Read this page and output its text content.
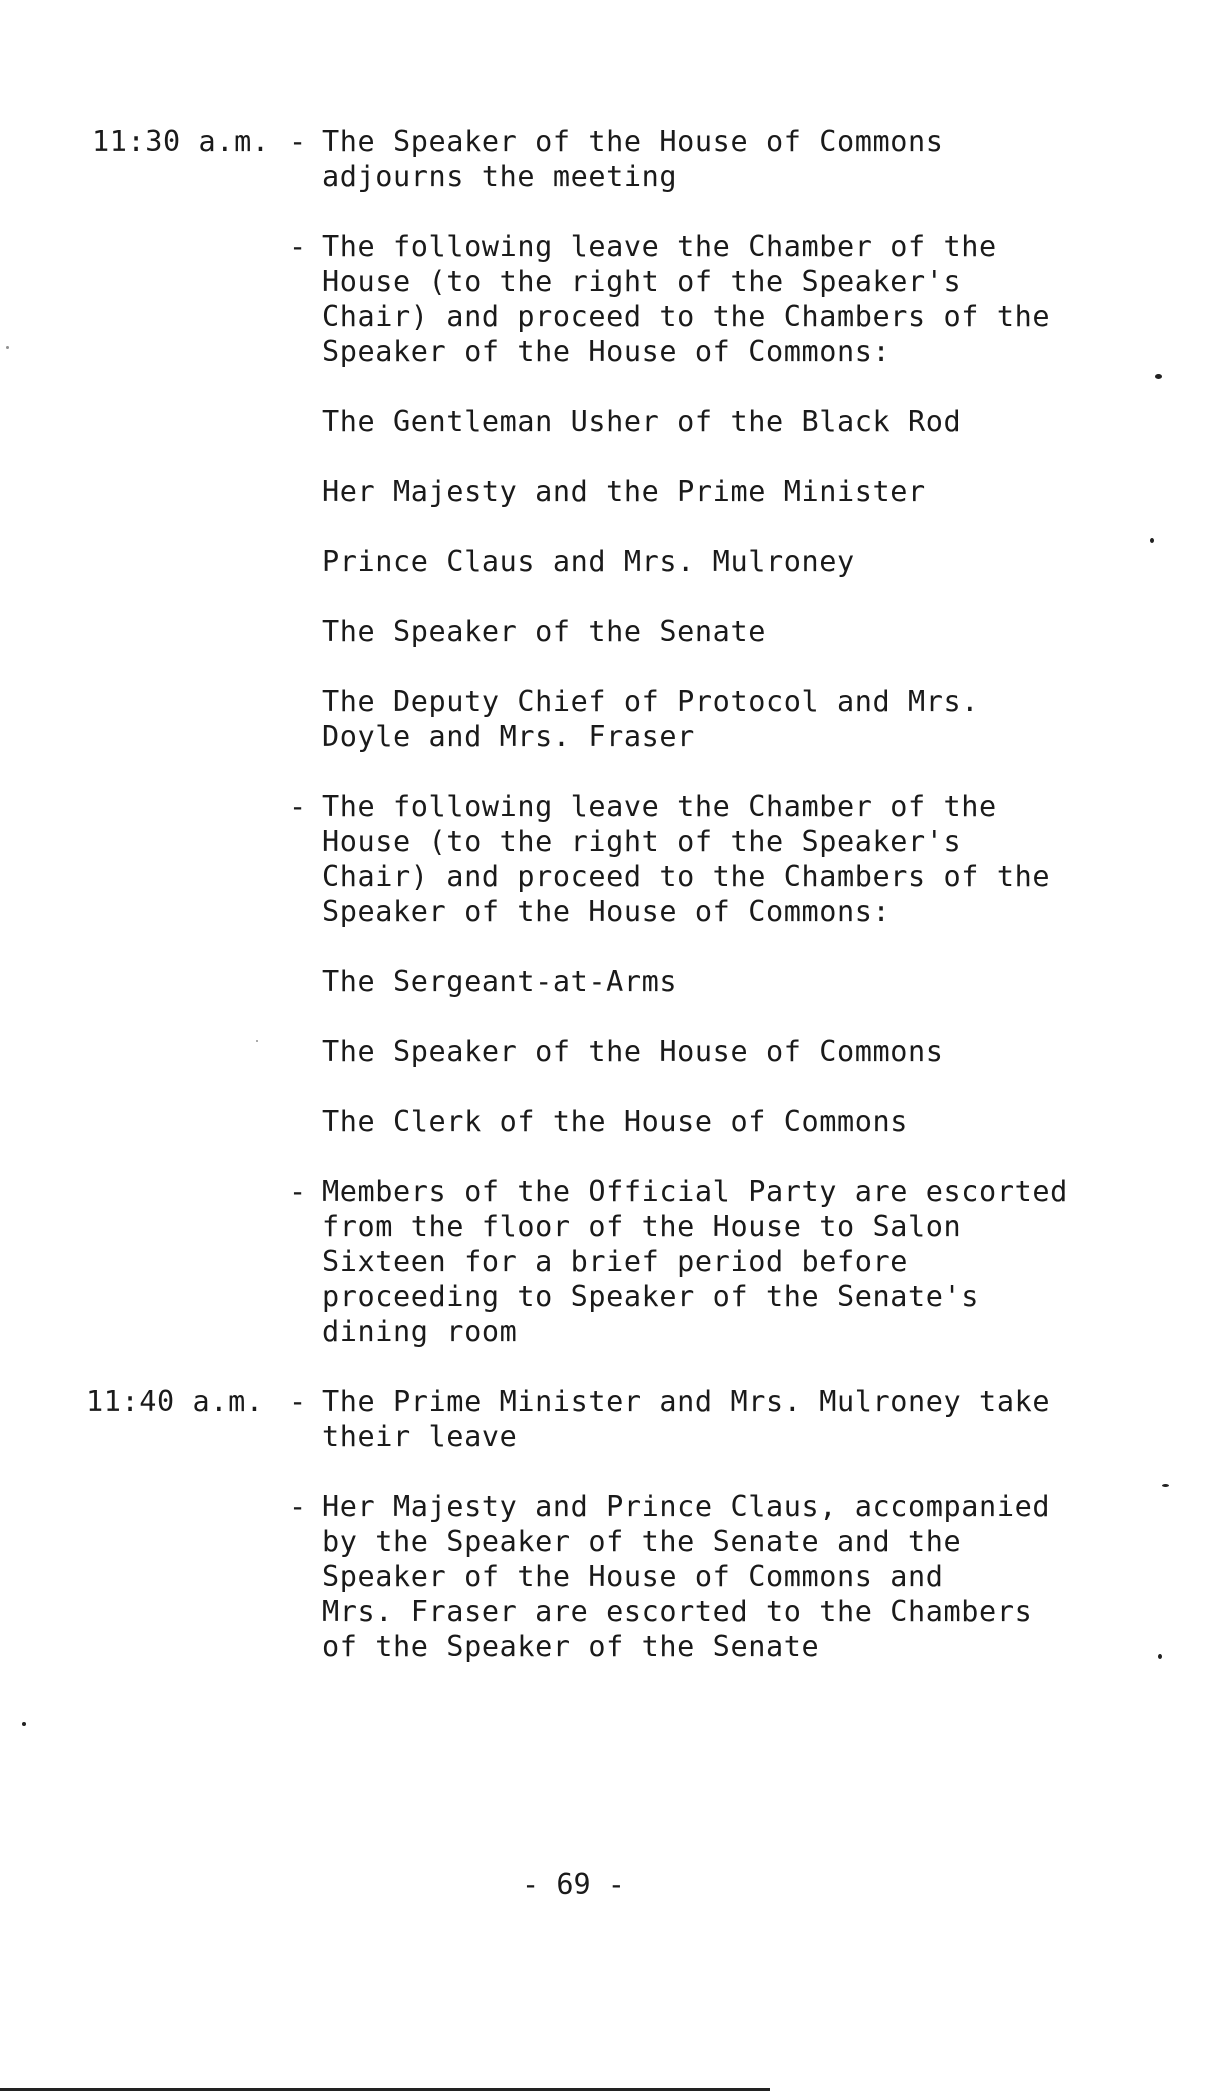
11:30 a.m. - The Speaker of the House of Commons
adjourns the meeting
- The following leave the Chamber of the
House (to the right of the Speaker's
Chair) and proceed to the Chambers of the
Speaker of the House of Commons:
The Gentleman Usher of the Black Rod
Her Majesty and the Prime Minister
Prince Claus and Mrs. Mulroney
The Speaker of the Senate
The Deputy Chief of Protocol and Mrs.
Doyle and Mrs. Fraser
- The following leave the Chamber of the
House (to the right of the Speaker's
Chair) and proceed to the Chambers of the
Speaker of the House of Commons:
The Sergeant-at-Arms
The Speaker of the House of Commons
The Clerk of the House of Commons
- Members of the Official Party are escorted
from the floor of the House to Salon
Sixteen for a brief period before
proceeding to Speaker of the Senate's
dining room
11:40 a.m. - The Prime Minister and Mrs. Mulroney take
their leave
- Her Majesty and Prince Claus, accompanied
by the Speaker of the Senate and the
Speaker of the House of Commons and
Mrs. Fraser are escorted to the Chambers
of the Speaker of the Senate
- 69 -
